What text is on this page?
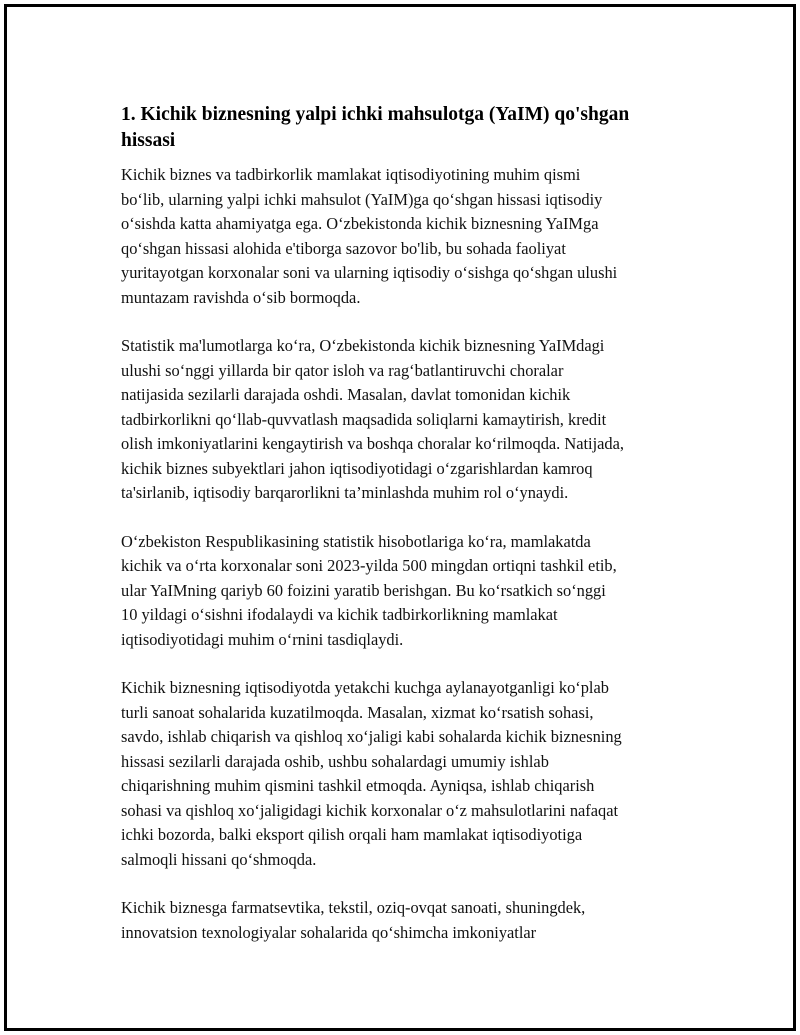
1. Kichik biznesning yalpi ichki mahsulotga (YaIM) qo'shgan
hissasi

Kichik biznes va tadbirkorlik mamlakat iqtisodiyotining muhim qismi
bo‘lib, ularning yalpi ichki mahsulot (YaIM)ga qo‘shgan hissasi iqtisodiy
o‘sishda katta ahamiyatga ega. O‘zbekistonda kichik biznesning YaIMga
qo‘shgan hissasi alohida e'tiborga sazovor bo'lib, bu sohada faoliyat
yuritayotgan korxonalar soni va ularning iqtisodiy o‘sishga qo‘shgan ulushi
muntazam ravishda o‘sib bormoqda.

Statistik ma'lumotlarga ko‘ra, O‘zbekistonda kichik biznesning YaIMdagi
ulushi so‘nggi yillarda bir qator isloh va rag‘batlantiruvchi choralar
natijasida sezilarli darajada oshdi. Masalan, davlat tomonidan kichik
tadbirkorlikni qo‘llab-quvvatlash maqsadida soliqlarni kamaytirish, kredit
olish imkoniyatlarini kengaytirish va boshqa choralar ko‘rilmoqda. Natijada,
kichik biznes subyektlari jahon iqtisodiyotidagi o‘zgarishlardan kamroq
ta'sirlanib, iqtisodiy barqarorlikni ta’minlashda muhim rol o‘ynaydi.

O‘zbekiston Respublikasining statistik hisobotlariga ko‘ra, mamlakatda
kichik va o‘rta korxonalar soni 2023-yilda 500 mingdan ortiqni tashkil etib,
ular YaIMning qariyb 60 foizini yaratib berishgan. Bu ko‘rsatkich so‘nggi
10 yildagi o‘sishni ifodalaydi va kichik tadbirkorlikning mamlakat
iqtisodiyotidagi muhim o‘rnini tasdiqlaydi.

Kichik biznesning iqtisodiyotda yetakchi kuchga aylanayotganligi ko‘plab
turli sanoat sohalarida kuzatilmoqda. Masalan, xizmat ko‘rsatish sohasi,
savdo, ishlab chiqarish va qishloq xo‘jaligi kabi sohalarda kichik biznesning
hissasi sezilarli darajada oshib, ushbu sohalardagi umumiy ishlab
chiqarishning muhim qismini tashkil etmoqda. Ayniqsa, ishlab chiqarish
sohasi va qishloq xo‘jaligidagi kichik korxonalar o‘z mahsulotlarini nafaqat
ichki bozorda, balki eksport qilish orqali ham mamlakat iqtisodiyotiga
salmoqli hissani qo‘shmoqda.

Kichik biznesga farmatsevtika, tekstil, oziq-ovqat sanoati, shuningdek,
innovatsion texnologiyalar sohalarida qo‘shimcha imkoniyatlar
